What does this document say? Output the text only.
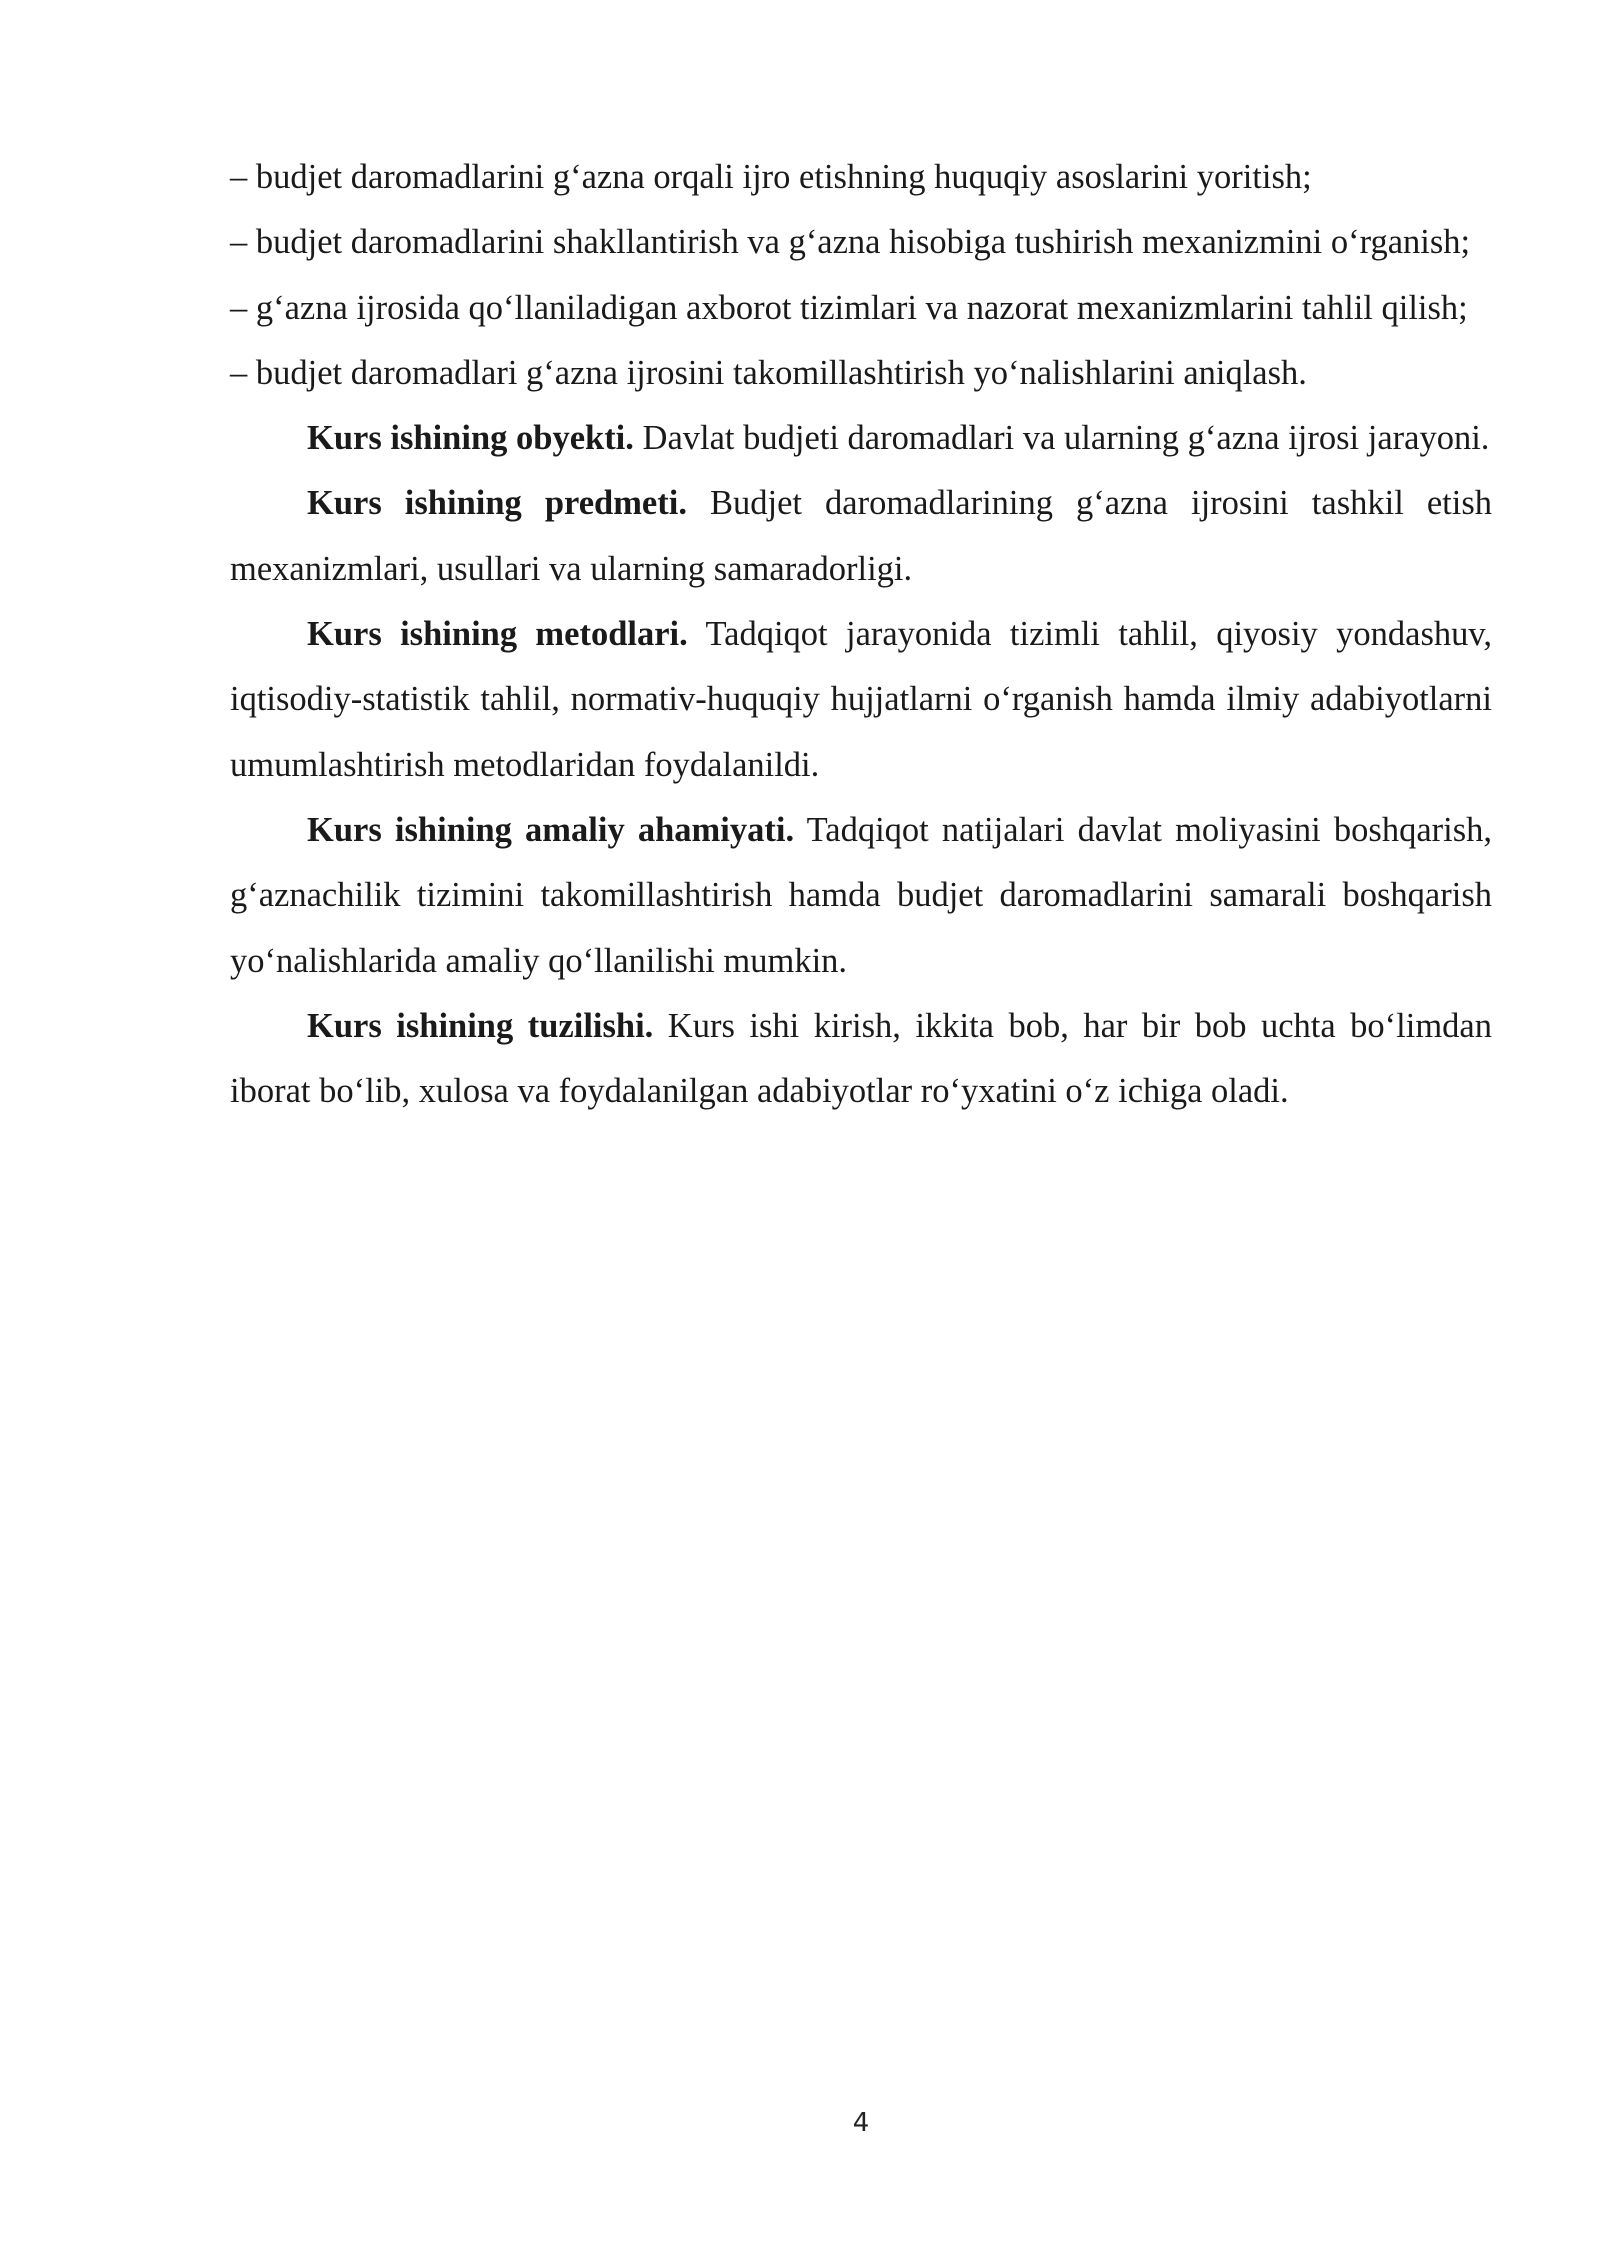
– budjet daromadlarini g‘azna orqali ijro etishning huquqiy asoslarini yoritish;

– budjet daromadlarini shakllantirish va g‘azna hisobiga tushirish mexanizmini o‘rganish;

– g‘azna ijrosida qo‘llaniladigan axborot tizimlari va nazorat mexanizmlarini tahlil qilish;

– budjet daromadlari g‘azna ijrosini takomillashtirish yo‘nalishlarini aniqlash.

Kurs ishining obyekti. Davlat budjeti daromadlari va ularning g‘azna ijrosi jarayoni.

Kurs ishining predmeti. Budjet daromadlarining g‘azna ijrosini tashkil etish mexanizmlari, usullari va ularning samaradorligi.

Kurs ishining metodlari. Tadqiqot jarayonida tizimli tahlil, qiyosiy yondashuv, iqtisodiy-statistik tahlil, normativ-huquqiy hujjatlarni o‘rganish hamda ilmiy adabiyotlarni umumlashtirish metodlaridan foydalanildi.

Kurs ishining amaliy ahamiyati. Tadqiqot natijalari davlat moliyasini boshqarish, g‘aznachilik tizimini takomillashtirish hamda budjet daromadlarini samarali boshqarish yo‘nalishlarida amaliy qo‘llanilishi mumkin.

Kurs ishining tuzilishi. Kurs ishi kirish, ikkita bob, har bir bob uchta bo‘limdan iborat bo‘lib, xulosa va foydalanilgan adabiyotlar ro‘yxatini o‘z ichiga oladi.

4
